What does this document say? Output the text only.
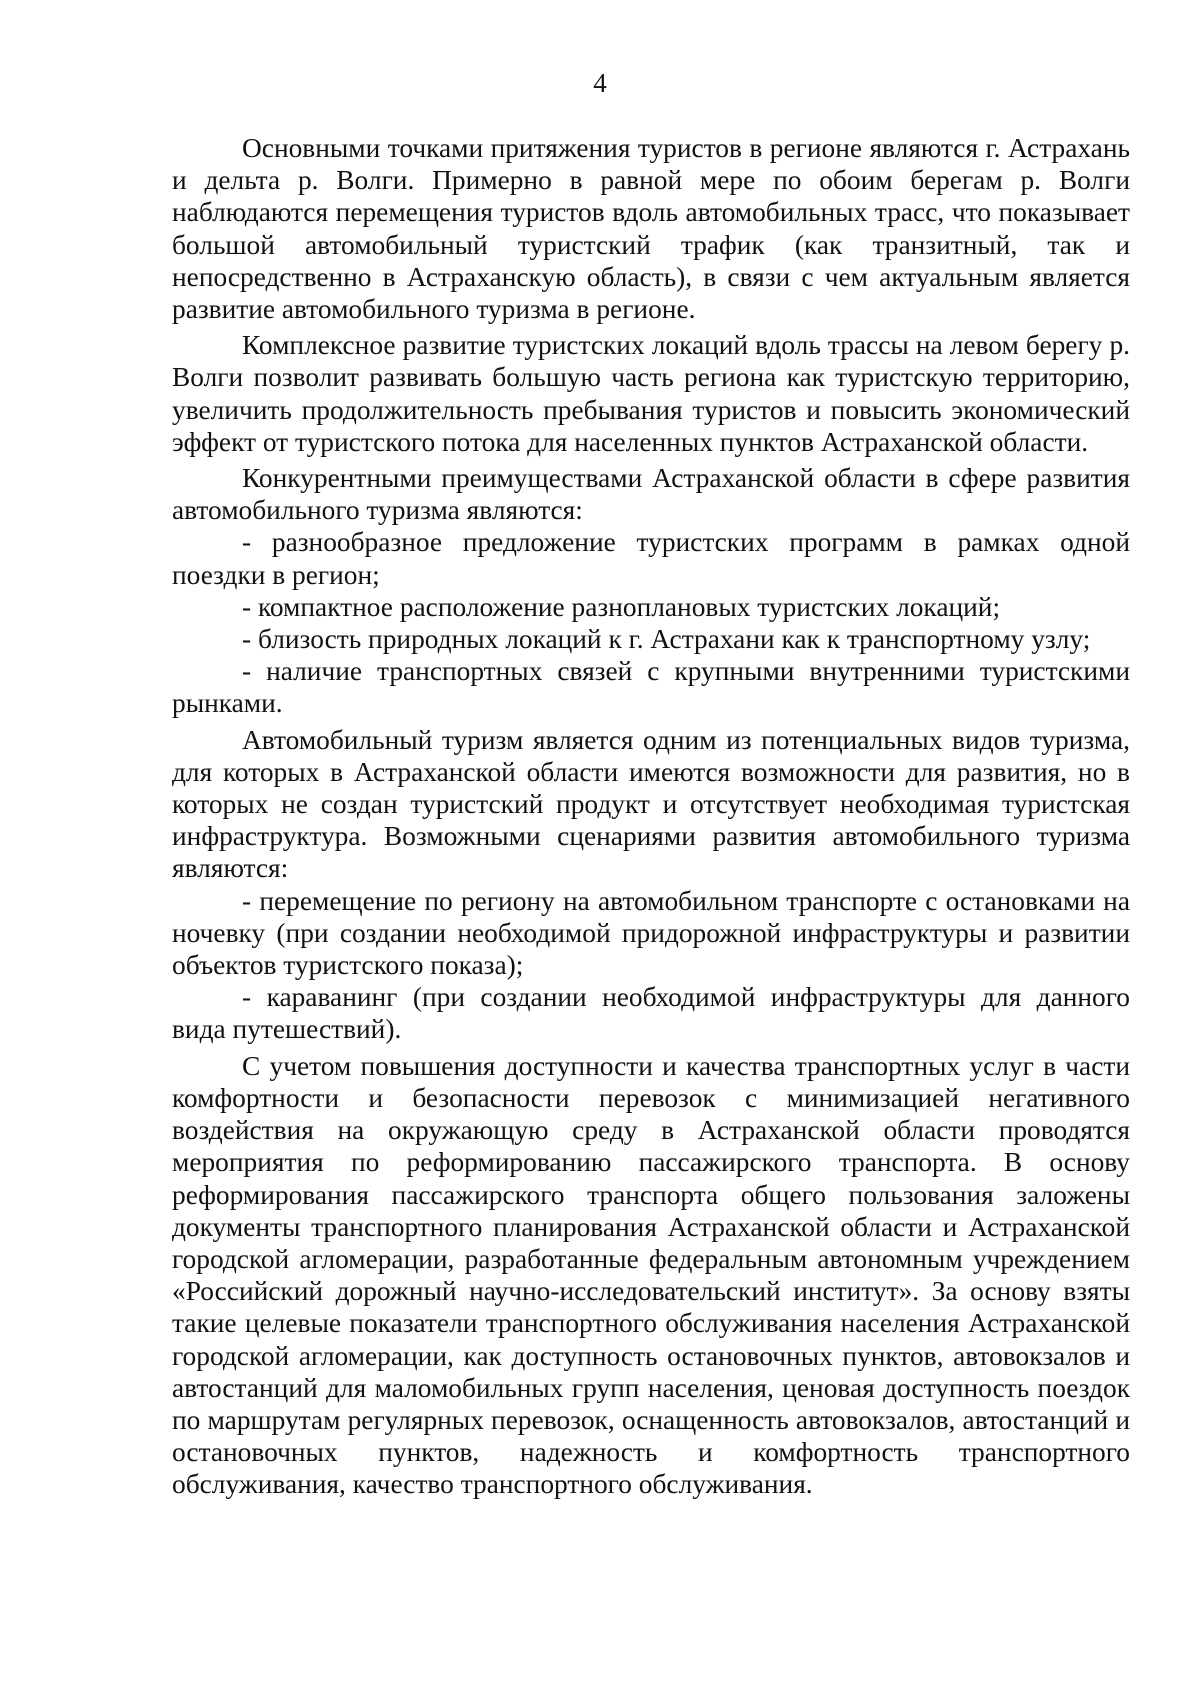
4

Основными точками притяжения туристов в регионе являются г. Астрахань и дельта р. Волги. Примерно в равной мере по обоим берегам р. Волги наблюдаются перемещения туристов вдоль автомобильных трасс, что показывает большой автомобильный туристский трафик (как транзитный, так и непосредственно в Астраханскую область), в связи с чем актуальным является развитие автомобильного туризма в регионе.

Комплексное развитие туристских локаций вдоль трассы на левом берегу р. Волги позволит развивать большую часть региона как туристскую территорию, увеличить продолжительность пребывания туристов и повысить экономический эффект от туристского потока для населенных пунктов Астраханской области.

Конкурентными преимуществами Астраханской области в сфере развития автомобильного туризма являются:

- разнообразное предложение туристских программ в рамках одной поездки в регион;

- компактное расположение разноплановых туристских локаций;

- близость природных локаций к г. Астрахани как к транспортному узлу;

- наличие транспортных связей с крупными внутренними туристскими рынками.

Автомобильный туризм является одним из потенциальных видов туризма, для которых в Астраханской области имеются возможности для развития, но в которых не создан туристский продукт и отсутствует необходимая туристская инфраструктура. Возможными сценариями развития автомобильного туризма являются:

- перемещение по региону на автомобильном транспорте с остановками на ночевку (при создании необходимой придорожной инфраструктуры и развитии объектов туристского показа);

- караванинг (при создании необходимой инфраструктуры для данного вида путешествий).

С учетом повышения доступности и качества транспортных услуг в части комфортности и безопасности перевозок с минимизацией негативного воздействия на окружающую среду в Астраханской области проводятся мероприятия по реформированию пассажирского транспорта. В основу реформирования пассажирского транспорта общего пользования заложены документы транспортного планирования Астраханской области и Астраханской городской агломерации, разработанные федеральным автономным учреждением «Российский дорожный научно-исследовательский институт». За основу взяты такие целевые показатели транспортного обслуживания населения Астраханской городской агломерации, как доступность остановочных пунктов, автовокзалов и автостанций для маломобильных групп населения, ценовая доступность поездок по маршрутам регулярных перевозок, оснащенность автовокзалов, автостанций и остановочных пунктов, надежность и комфортность транспортного обслуживания, качество транспортного обслуживания.
